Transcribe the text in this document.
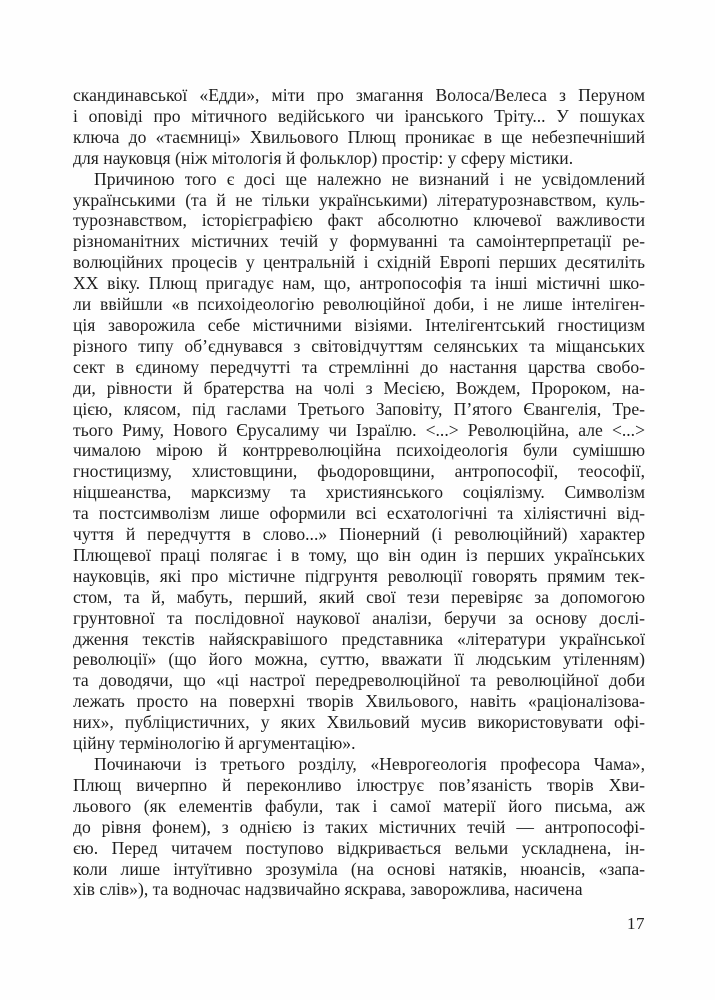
скандинавської «Едди», міти про змагання Волоса/Велеса з Перуном
і оповіді про мітичного ведійського чи іранського Тріту... У пошуках
ключа до «таємниці» Хвильового Плющ проникає в ще небезпечніший
для науковця (ніж мітологія й фольклор) простір: у сферу містики.
Причиною того є досі ще належно не визнаний і не усвідомлений
українськими (та й не тільки українськими) літературознавством, куль-
турознавством, історієграфією факт абсолютно ключевої важливости
різноманітних містичних течій у формуванні та самоінтерпретації ре-
волюційних процесів у центральній і східній Европі перших десятиліть
ХХ віку. Плющ пригадує нам, що, антропософія та інші містичні шко-
ли ввійшли «в психоідеологію революційної доби, і не лише інтеліген-
ція заворожила себе містичними візіями. Інтелігентський гностицизм
різного типу об’єднувався з світовідчуттям селянських та міщанських
сект в єдиному передчутті та стремлінні до настання царства свобо-
ди, рівности й братерства на чолі з Месією, Вождем, Пророком, на-
цією, клясом, під гаслами Третього Заповіту, П’ятого Євангелія, Тре-
тього Риму, Нового Єрусалиму чи Ізраїлю. <...> Революційна, але <...>
чималою мірою й контрреволюційна психоідеологія були сумішшю
гностицизму, хлистовщини, фьодоровщини, антропософії, теософії,
ніцшеанства, марксизму та християнського соціялізму. Символізм
та постсимволізм лише оформили всі есхатологічні та хіліястичні від-
чуття й передчуття в слово...» Піонерний (і революційний) характер
Плющевої праці полягає і в тому, що він один із перших українських
науковців, які про містичне підгрунтя революції говорять прямим тек-
стом, та й, мабуть, перший, який свої тези перевіряє за допомогою
грунтовної та послідовної наукової аналізи, беручи за основу дослі-
дження текстів найяскравішого представника «літератури української
революції» (що його можна, суттю, вважати її людським утіленням)
та доводячи, що «ці настрої передреволюційної та революційної доби
лежать просто на поверхні творів Хвильового, навіть «раціоналізова-
них», публіцистичних, у яких Хвильовий мусив використовувати офі-
ційну термінологію й аргументацію».
Починаючи із третього розділу, «Неврогеологія професора Чама»,
Плющ вичерпно й переконливо ілюструє пов’язаність творів Хви-
льового (як елементів фабули, так і самої матерії його письма, аж
до рівня фонем), з однією із таких містичних течій — антропософі-
єю. Перед читачем поступово відкривається вельми ускладнена, ін-
коли лише інтуїтивно зрозуміла (на основі натяків, нюансів, «запа-
хів слів»), та водночас надзвичайно яскрава, заворожлива, насичена
17
